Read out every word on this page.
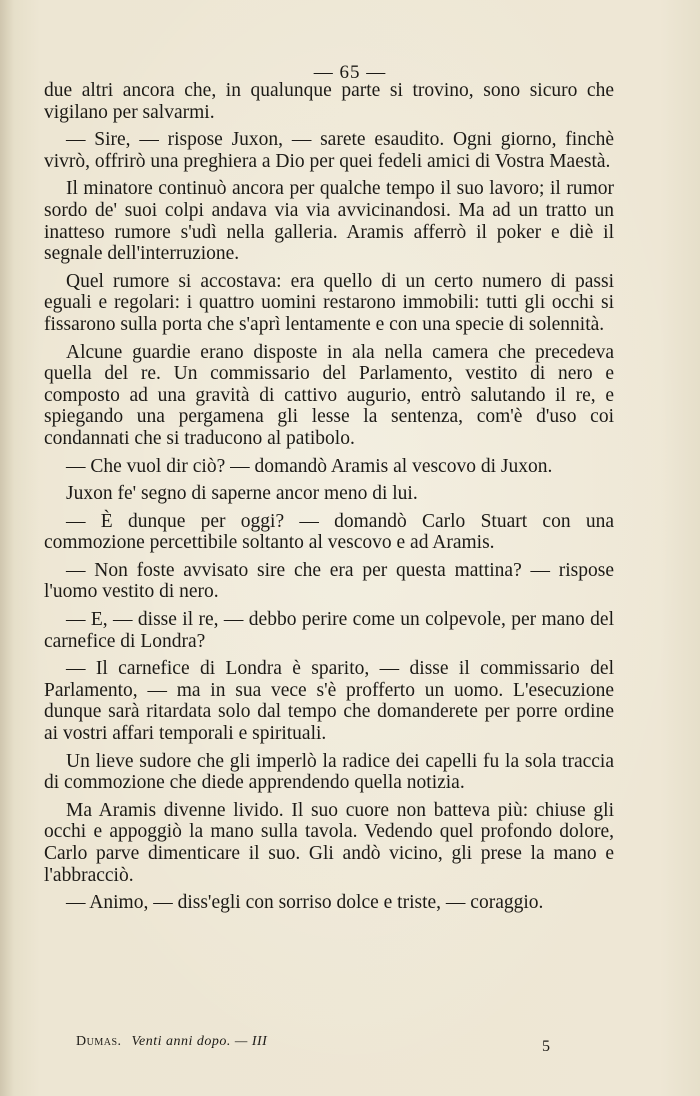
— 65 —

due altri ancora che, in qualunque parte si trovino, sono sicuro che vigilano per salvarmi.

— Sire, — rispose Juxon, — sarete esaudito. Ogni giorno, finchè vivrò, offrirò una preghiera a Dio per quei fedeli amici di Vostra Maestà.

Il minatore continuò ancora per qualche tempo il suo lavoro; il rumor sordo de' suoi colpi andava via via avvicinandosi. Ma ad un tratto un inatteso rumore s'udì nella galleria. Aramis afferrò il poker e diè il segnale dell'interruzione.

Quel rumore si accostava: era quello di un certo numero di passi eguali e regolari: i quattro uomini restarono immobili: tutti gli occhi si fissarono sulla porta che s'aprì lentamente e con una specie di solennità.

Alcune guardie erano disposte in ala nella camera che precedeva quella del re. Un commissario del Parlamento, vestito di nero e composto ad una gravità di cattivo augurio, entrò salutando il re, e spiegando una pergamena gli lesse la sentenza, com'è d'uso coi condannati che si traducono al patibolo.

— Che vuol dir ciò? — domandò Aramis al vescovo di Juxon.

Juxon fe' segno di saperne ancor meno di lui.

— È dunque per oggi? — domandò Carlo Stuart con una commozione percettibile soltanto al vescovo e ad Aramis.

— Non foste avvisato sire che era per questa mattina? — rispose l'uomo vestito di nero.

— E, — disse il re, — debbo perire come un colpevole, per mano del carnefice di Londra?

— Il carnefice di Londra è sparito, — disse il commissario del Parlamento, — ma in sua vece s'è profferto un uomo. L'esecuzione dunque sarà ritardata solo dal tempo che domanderete per porre ordine ai vostri affari temporali e spirituali.

Un lieve sudore che gli imperlò la radice dei capelli fu la sola traccia di commozione che diede apprendendo quella notizia.

Ma Aramis divenne livido. Il suo cuore non batteva più: chiuse gli occhi e appoggiò la mano sulla tavola. Vedendo quel profondo dolore, Carlo parve dimenticare il suo. Gli andò vicino, gli prese la mano e l'abbracciò.

— Animo, — diss'egli con sorriso dolce e triste, — coraggio.

Dumas. Venti anni dopo. — III	5
